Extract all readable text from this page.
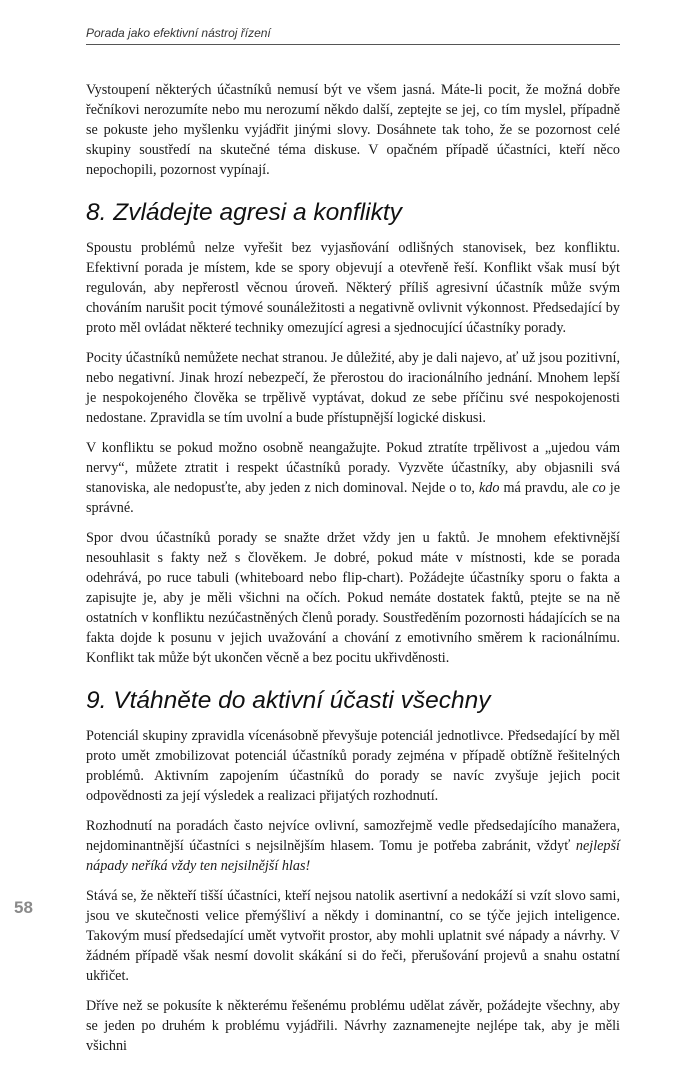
Porada jako efektivní nástroj řízení

Vystoupení některých účastníků nemusí být ve všem jasná. Máte-li pocit, že možná dobře řečníkovi nerozumíte nebo mu nerozumí někdo další, zeptejte se jej, co tím myslel, případně se pokuste jeho myšlenku vyjádřit jinými slovy. Dosáhnete tak toho, že se pozornost celé skupiny soustředí na skutečné téma diskuse. V opačném případě účastníci, kteří něco nepochopili, pozornost vypínají.

8. Zvládejte agresi a konflikty

Spoustu problémů nelze vyřešit bez vyjasňování odlišných stanovisek, bez konfliktu. Efektivní porada je místem, kde se spory objevují a otevřeně řeší. Konflikt však musí být regulován, aby nepřerostl věcnou úroveň. Některý příliš agresivní účastník může svým chováním narušit pocit týmové sounáležitosti a negativně ovlivnit výkonnost. Předsedající by proto měl ovládat některé techniky omezující agresi a sjednocující účastníky porady.

Pocity účastníků nemůžete nechat stranou. Je důležité, aby je dali najevo, ať už jsou pozitivní, nebo negativní. Jinak hrozí nebezpečí, že přerostou do iracionálního jednání. Mnohem lepší je nespokojeného člověka se trpělivě vyptávat, dokud ze sebe příčinu své nespokojenosti nedostane. Zpravidla se tím uvolní a bude přístupnější logické diskusi.

V konfliktu se pokud možno osobně neangažujte. Pokud ztratíte trpělivost a „ujedou vám nervy“, můžete ztratit i respekt účastníků porady. Vyzvěte účastníky, aby objasnili svá stanoviska, ale nedopusťte, aby jeden z nich dominoval. Nejde o to, kdo má pravdu, ale co je správné.

Spor dvou účastníků porady se snažte držet vždy jen u faktů. Je mnohem efektivnější nesouhlasit s fakty než s člověkem. Je dobré, pokud máte v místnosti, kde se porada odehrává, po ruce tabuli (whiteboard nebo flip-chart). Požádejte účastníky sporu o fakta a zapisujte je, aby je měli všichni na očích. Pokud nemáte dostatek faktů, ptejte se na ně ostatních v konfliktu nezúčastněných členů porady. Soustředěním pozornosti hádajících se na fakta dojde k posunu v jejich uvažování a chování z emotivního směrem k racionálnímu. Konflikt tak může být ukončen věcně a bez pocitu ukřivděnosti.

9. Vtáhněte do aktivní účasti všechny

Potenciál skupiny zpravidla vícenásobně převyšuje potenciál jednotlivce. Předsedající by měl proto umět zmobilizovat potenciál účastníků porady zejména v případě obtížně řešitelných problémů. Aktivním zapojením účastníků do porady se navíc zvyšuje jejich pocit odpovědnosti za její výsledek a realizaci přijatých rozhodnutí.

Rozhodnutí na poradách často nejvíce ovlivní, samozřejmě vedle předsedajícího manažera, nejdominantnější účastníci s nejsilnějším hlasem. Tomu je potřeba zabránit, vždyť nejlepší nápady neříká vždy ten nejsilnější hlas!

Stává se, že někteří tišší účastníci, kteří nejsou natolik asertivní a nedokáží si vzít slovo sami, jsou ve skutečnosti velice přemýšliví a někdy i dominantní, co se týče jejich inteligence. Takovým musí předsedající umět vytvořit prostor, aby mohli uplatnit své nápady a návrhy. V žádném případě však nesmí dovolit skákání si do řeči, přerušování projevů a snahu ostatní ukřičet.

Dříve než se pokusíte k některému řešenému problému udělat závěr, požádejte všechny, aby se jeden po druhém k problému vyjádřili. Návrhy zaznamenejte nejlépe tak, aby je měli všichni

58
